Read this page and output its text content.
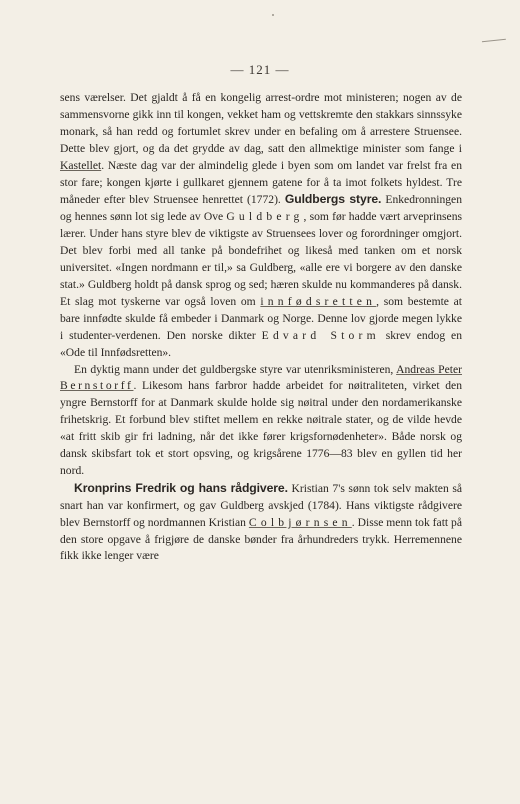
— 121 —

sens værelser. Det gjaldt å få en kongelig arrest-ordre mot ministeren; nogen av de sammensvorne gikk inn til kongen, vekket ham og vettskremte den stakkars sinnssyke monark, så han redd og fortumlet skrev under en befaling om å arrestere Struensee. Dette blev gjort, og da det grydde av dag, satt den allmektige minister som fange i Kastellet. Næste dag var der almindelig glede i byen som om landet var frelst fra en stor fare; kongen kjørte i gullkaret gjennem gatene for å ta imot folkets hyldest. Tre måneder efter blev Struensee henrettet (1772). Guldbergs styre. Enkedronningen og hennes sønn lot sig lede av Ove Guldberg, som før hadde vært arveprinsens lærer. Under hans styre blev de viktigste av Struensees lover og forordninger omgjort. Det blev forbi med all tanke på bondefrihet og likeså med tanken om et norsk universitet. «Ingen nordmann er til,» sa Guldberg, «alle ere vi borgere av den danske stat.» Guldberg holdt på dansk sprog og sed; hæren skulde nu kommanderes på dansk. Et slag mot tyskerne var også loven om innfødsretten, som bestemte at bare innfødte skulde få embeder i Danmark og Norge. Denne lov gjorde megen lykke i studenter-verdenen. Den norske dikter Edvard Storm skrev endog en «Ode til Innfødsretten».

En dyktig mann under det guldbergske styre var utenriksministeren, Andreas Peter Bernstorff. Likesom hans farbror hadde arbeidet for nøitraliteten, virket den yngre Bernstorff for at Danmark skulde holde sig nøitral under den nordamerikanske frihetskrig. Et forbund blev stiftet mellem en rekke nøitrale stater, og de vilde hevde «at fritt skib gir fri ladning, når det ikke fører krigsfornødenheter». Både norsk og dansk skibsfart tok et stort opsving, og krigsårene 1776—83 blev en gyllen tid her nord.

Kronprins Fredrik og hans rådgivere. Kristian 7's sønn tok selv makten så snart han var konfirmert, og gav Guldberg avskjed (1784). Hans viktigste rådgivere blev Bernstorff og nordmannen Kristian Colbjørnsen. Disse menn tok fatt på den store opgave å frigjøre de danske bønder fra århundreders trykk. Herremennene fikk ikke lenger være
